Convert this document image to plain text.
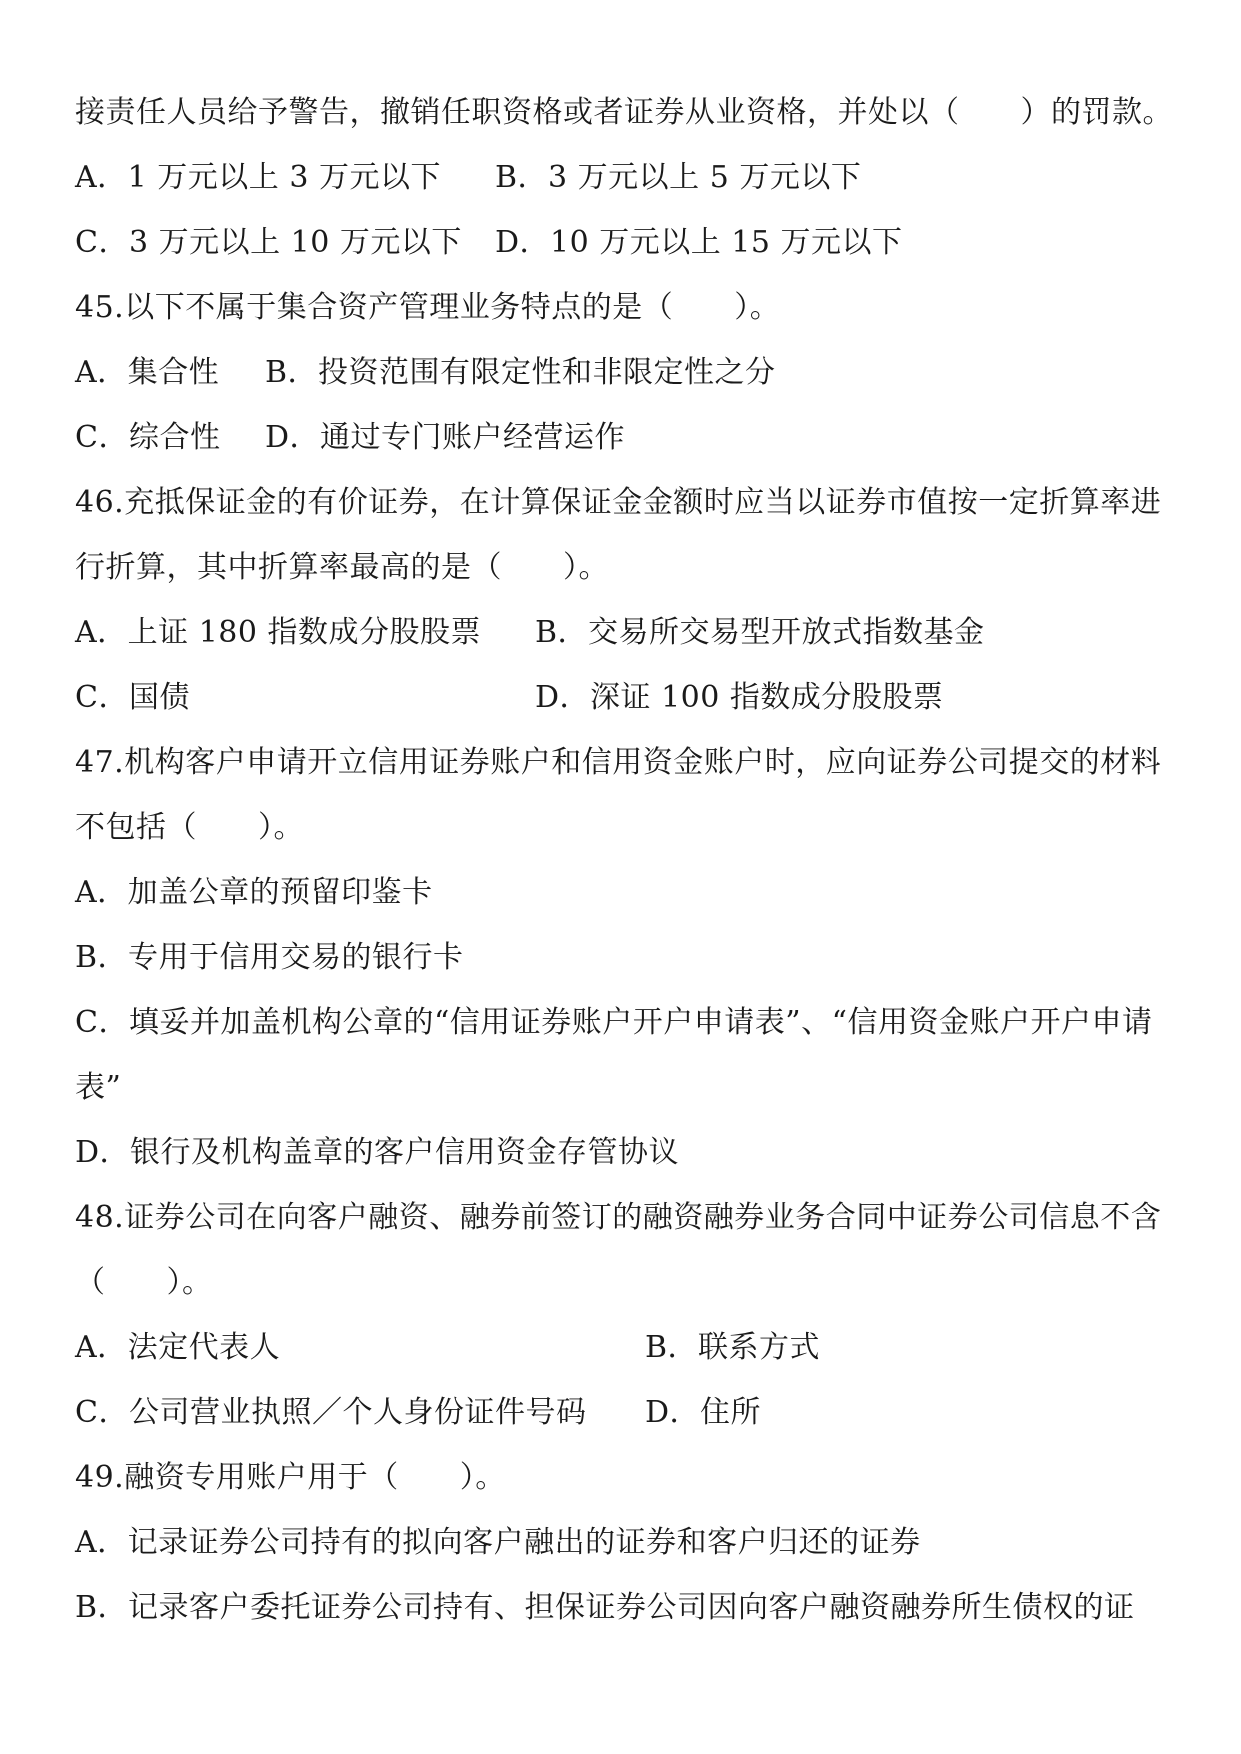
接责任人员给予警告，撤销任职资格或者证券从业资格，并处以（　　）的罚款。
A．1 万元以上 3 万元以下 B．3 万元以上 5 万元以下
C．3 万元以上 10 万元以下 D．10 万元以上 15 万元以下
45.以下不属于集合资产管理业务特点的是（　　）。
A．集合性 B．投资范围有限定性和非限定性之分
C．综合性 D．通过专门账户经营运作
46.充抵保证金的有价证券，在计算保证金金额时应当以证券市值按一定折算率进
行折算，其中折算率最高的是（　　）。
A．上证 180 指数成分股股票 B．交易所交易型开放式指数基金
C．国债	D．深证 100 指数成分股股票
47.机构客户申请开立信用证券账户和信用资金账户时，应向证券公司提交的材料
不包括（　　）。
A．加盖公章的预留印鉴卡
B．专用于信用交易的银行卡
C．填妥并加盖机构公章的“信用证券账户开户申请表”、“信用资金账户开户申请
表”
D．银行及机构盖章的客户信用资金存管协议
48.证券公司在向客户融资、融券前签订的融资融券业务合同中证券公司信息不含
（　　）。
A．法定代表人	B．联系方式
C．公司营业执照／个人身份证件号码 D．住所
49.融资专用账户用于（　　）。
A．记录证券公司持有的拟向客户融出的证券和客户归还的证券
B．记录客户委托证券公司持有、担保证券公司因向客户融资融券所生债权的证
